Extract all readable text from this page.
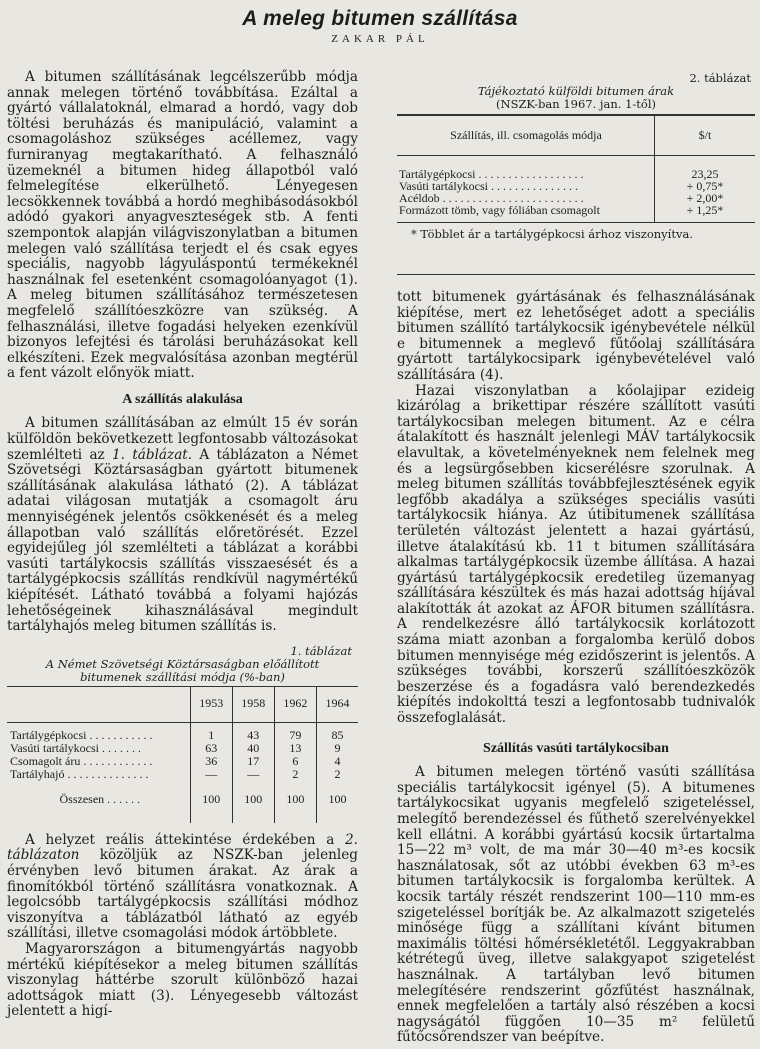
A meleg bitumen szállítása
ZAKAR PÁL

A bitumen szállításának legcélszerűbb módja annak melegen történő továbbítása. Ezáltal a gyártó vállalatoknál, elmarad a hordó, vagy dob töltési beruházás és manipuláció, valamint a csomagoláshoz szükséges acéllemez, vagy furniranyag megtakarítható. A felhasználó üzemeknél a bitumen hideg állapotból való felmelegítése elkerülhető. Lényegesen lecsökkennek továbbá a hordó meghibásodásokból adódó gyakori anyagveszteségek stb. A fenti szempontok alapján világviszonylatban a bitumen melegen való szállítása terjedt el és csak egyes speciális, nagyobb lágyuláspontú termékeknél használnak fel esetenként csomagolóanyagot (1). A meleg bitumen szállításához természetesen megfelelő szállítóeszközre van szükség. A felhasználási, illetve fogadási helyeken ezenkívül bizonyos lefejtési és tárolási beruházásokat kell elkészíteni. Ezek megvalósítása azonban megtérül a fent vázolt előnyök miatt.

A szállítás alakulása

A bitumen szállításában az elmúlt 15 év során külföldön bekövetkezett legfontosabb változásokat szemlélteti az 1. táblázat. A táblázaton a Német Szövetségi Köztársaságban gyártott bitumenek szállításának alakulása látható (2). A táblázat adatai világosan mutatják a csomagolt áru mennyiségének jelentős csökkenését és a meleg állapotban való szállítás előretörését. Ezzel egyidejűleg jól szemlélteti a táblázat a korábbi vasúti tartálykocsis szállítás visszaesését és a tartálygépkocsis szállítás rendkívül nagymértékű kiépítését. Látható továbbá a folyami hajózás lehetőségeinek kihasználásával megindult tartályhajós meleg bitumen szállítás is.

1. táblázat
A Német Szövetségi Köztársaságban előállított bitumenek szállítási módja (%-ban)
	1953	1958	1962	1964

Tartálygépkocsi . . . . . . . . . . .	1	43	79	85
Vasúti tartálykocsi . . . . . . .	63	40	13	9
Csomagolt áru . . . . . . . . . . . .	36	17	6	4
Tartályhajó . . . . . . . . . . . . . .	—	—	2	2

Összesen . . . . . .	100	100	100	100

A helyzet reális áttekintése érdekében a 2. táblázaton közöljük az NSZK-ban jelenleg érvényben levő bitumen árakat. Az árak a finomítókból történő szállításra vonatkoznak. A legolcsóbb tartálygépkocsis szállítási módhoz viszonyítva a táblázatból látható az egyéb szállítási, illetve csomagolási módok ártöbblete.

Magyarországon a bitumengyártás nagyobb mértékű kiépítésekor a meleg bitumen szállítás viszonylag háttérbe szorult különböző hazai adottságok miatt (3). Lényegesebb változást jelentett a higí-

2. táblázat
Tájékoztató külföldi bitumen árak
(NSZK-ban 1967. jan. 1-től)
Szállítás, ill. csomagolás módja	$/t

Tartálygépkocsi . . . . . . . . . . . . . . . . . .	23,25
Vasúti tartálykocsi . . . . . . . . . . . . . . .	+ 0,75*
Acéldob . . . . . . . . . . . . . . . . . . . . . . . .	+ 2,00*
Formázott tömb, vagy fóliában csomagolt	+ 1,25*

* Többlet ár a tartálygépkocsi árhoz viszonyítva.

tott bitumenek gyártásának és felhasználásának kiépítése, mert ez lehetőséget adott a speciális bitumen szállító tartálykocsik igénybevétele nélkül e bitumennek a meglevő fűtőolaj szállítására gyártott tartálykocsipark igénybevételével való szállítására (4).

Hazai viszonylatban a kőolajipar ezideig kizárólag a brikettipar részére szállított vasúti tartálykocsiban melegen bitument. Az e célra átalakított és használt jelenlegi MÁV tartálykocsik elavultak, a követelményeknek nem felelnek meg és a legsürgősebben kicserélésre szorulnak. A meleg bitumen szállítás továbbfejlesztésének egyik legfőbb akadálya a szükséges speciális vasúti tartálykocsik hiánya. Az útibitumenek szállítása területén változást jelentett a hazai gyártású, illetve átalakítású kb. 11 t bitumen szállítására alkalmas tartálygépkocsik üzembe állítása. A hazai gyártású tartálygépkocsik eredetileg üzemanyag szállítására készültek és más hazai adottság híjával alakították át azokat az ÁFOR bitumen szállításra. A rendelkezésre álló tartálykocsik korlátozott száma miatt azonban a forgalomba kerülő dobos bitumen mennyisége még ezidőszerint is jelentős. A szükséges további, korszerű szállítóeszközök beszerzése és a fogadásra való berendezkedés kiépítés indokolttá teszi a legfontosabb tudnivalók összefoglalását.

Szállítás vasúti tartálykocsiban

A bitumen melegen történő vasúti szállítása speciális tartálykocsit igényel (5). A bitumenes tartálykocsikat ugyanis megfelelő szigeteléssel, melegítő berendezéssel és fűthető szerelvényekkel kell ellátni. A korábbi gyártású kocsik űrtartalma 15—22 m³ volt, de ma már 30—40 m³-es kocsik használatosak, sőt az utóbbi években 63 m³-es bitumen tartálykocsik is forgalomba kerültek. A kocsik tartály részét rendszerint 100—110 mm-es szigeteléssel borítják be. Az alkalmazott szigetelés minősége függ a szállítani kívánt bitumen maximális töltési hőmérsékletétől. Leggyakrabban kétrétegű üveg, illetve salakgyapot szigetelést használnak. A tartályban levő bitumen melegítésére rendszerint gőzfűtést használnak, ennek megfelelően a tartály alsó részében a kocsi nagyságától függően 10—35 m² felületű fűtőcsőrendszer van beépítve.
